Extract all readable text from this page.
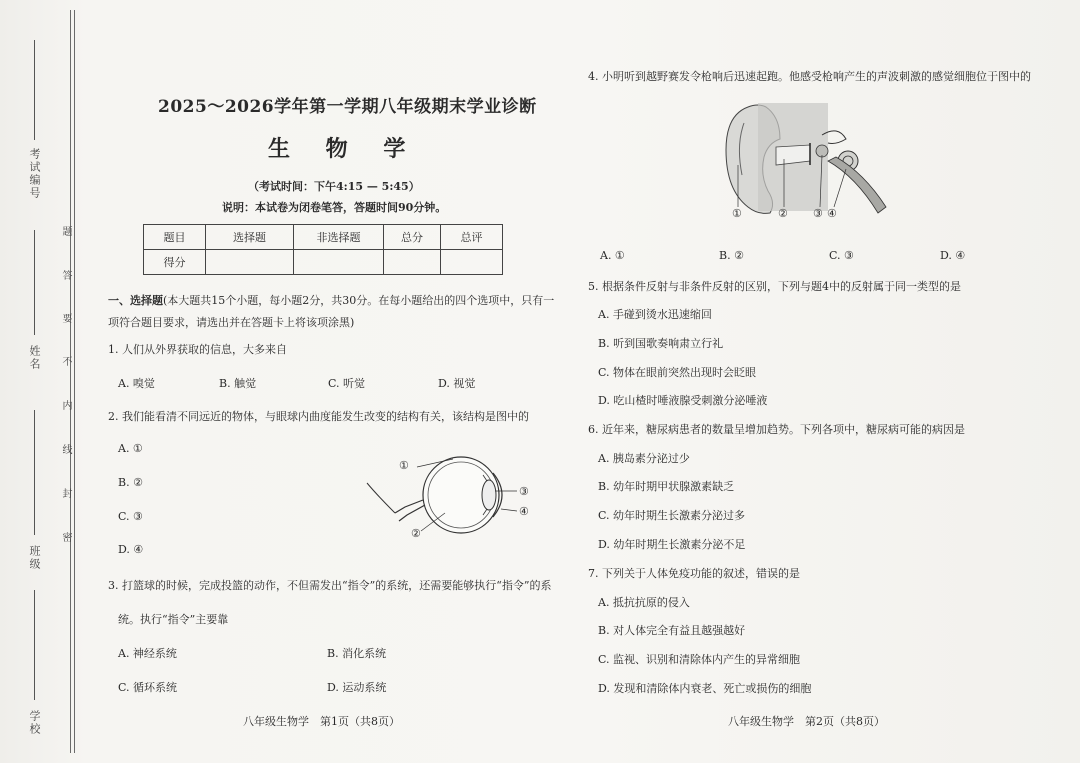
考试编号
姓名
班级
学校
题
答
要
不
内
线
封
密
2025～2026学年第一学期八年级期末学业诊断
生 物 学
（考试时间：下午4:15 — 5:45）
说明：本试卷为闭卷笔答，答题时间90分钟。
题目	选择题	非选择题	总分	总评
得分				
一、选择题(本大题共15个小题，每小题2分，共30分。在每小题给出的四个选项中，只有一
项符合题目要求，请选出并在答题卡上将该项涂黑)
1. 人们从外界获取的信息，大多来自
A. 嗅觉	B. 触觉	C. 听觉	D. 视觉
2. 我们能看清不同远近的物体，与眼球内曲度能发生改变的结构有关，该结构是图中的
A. ①
B. ②
C. ③
D. ④
①
②
③
④
3. 打篮球的时候，完成投篮的动作，不但需发出“指令”的系统，还需要能够执行“指令”的系
统。执行“指令”主要靠
A. 神经系统	B. 消化系统
C. 循环系统	D. 运动系统
八年级生物学　第1页（共8页）
4. 小明听到越野赛发令枪响后迅速起跑。他感受枪响产生的声波刺激的感觉细胞位于图中的
①	② ③ ④
A. ①	B. ②	C. ③	D. ④
5. 根据条件反射与非条件反射的区别，下列与题4中的反射属于同一类型的是
A. 手碰到烫水迅速缩回
B. 听到国歌奏响肃立行礼
C. 物体在眼前突然出现时会眨眼
D. 吃山楂时唾液腺受刺激分泌唾液
6. 近年来，糖尿病患者的数量呈增加趋势。下列各项中，糖尿病可能的病因是
A. 胰岛素分泌过少
B. 幼年时期甲状腺激素缺乏
C. 幼年时期生长激素分泌过多
D. 幼年时期生长激素分泌不足
7. 下列关于人体免疫功能的叙述，错误的是
A. 抵抗抗原的侵入
B. 对人体完全有益且越强越好
C. 监视、识别和清除体内产生的异常细胞
D. 发现和清除体内衰老、死亡或损伤的细胞
八年级生物学　第2页（共8页）
